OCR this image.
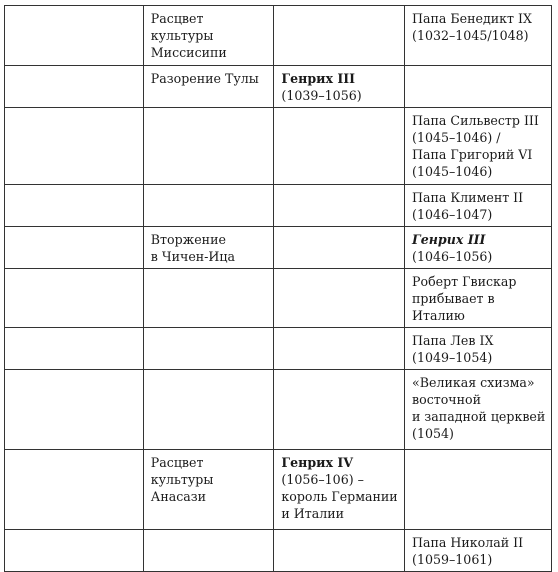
	Расцвет
культуры
Миссисипи		Папа Бенедикт IX
(1032–1045/1048)
	Разорение Тулы	Генрих III
(1039–1056)	
			Папа Сильвестр III
(1045–1046) /
Папа Григорий VI
(1045–1046)
			Папа Климент II
(1046–1047)
	Вторжение
в Чичен-Ица		Генрих III
(1046–1056)
			Роберт Гвискар
прибывает в Италию
			Папа Лев IX
(1049–1054)
			«Великая схизма»
восточной
и западной церквей
(1054)
	Расцвет
культуры
Анасази	Генрих IV
(1056–106) –
король Германии
и Италии	
			Папа Николай II
(1059–1061)
